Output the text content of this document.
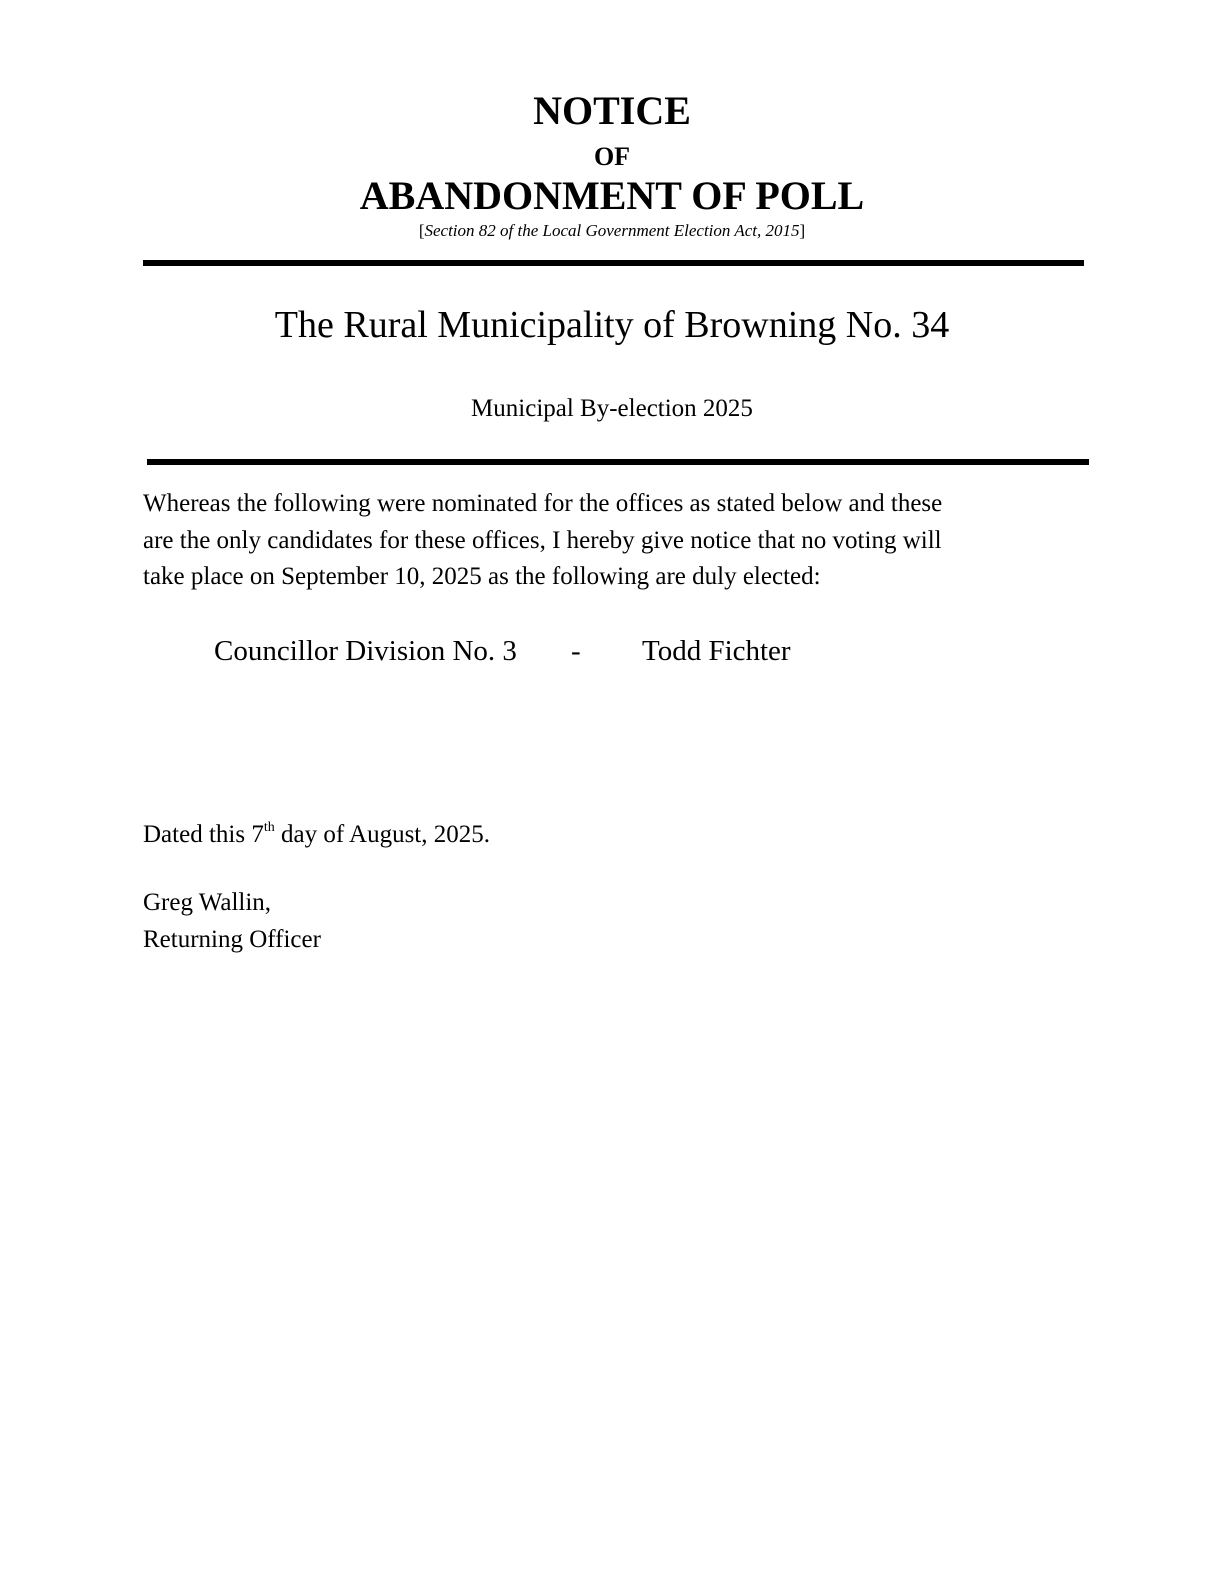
NOTICE
OF
ABANDONMENT OF POLL
[Section 82 of the Local Government Election Act, 2015]
The Rural Municipality of Browning No. 34
Municipal By-election 2025
Whereas the following were nominated for the offices as stated below and these
are the only candidates for these offices, I hereby give notice that no voting will
take place on September 10, 2025 as the following are duly elected:
Councillor Division No. 3 - Todd Fichter
Dated this 7th day of August, 2025.
Greg Wallin,
Returning Officer
